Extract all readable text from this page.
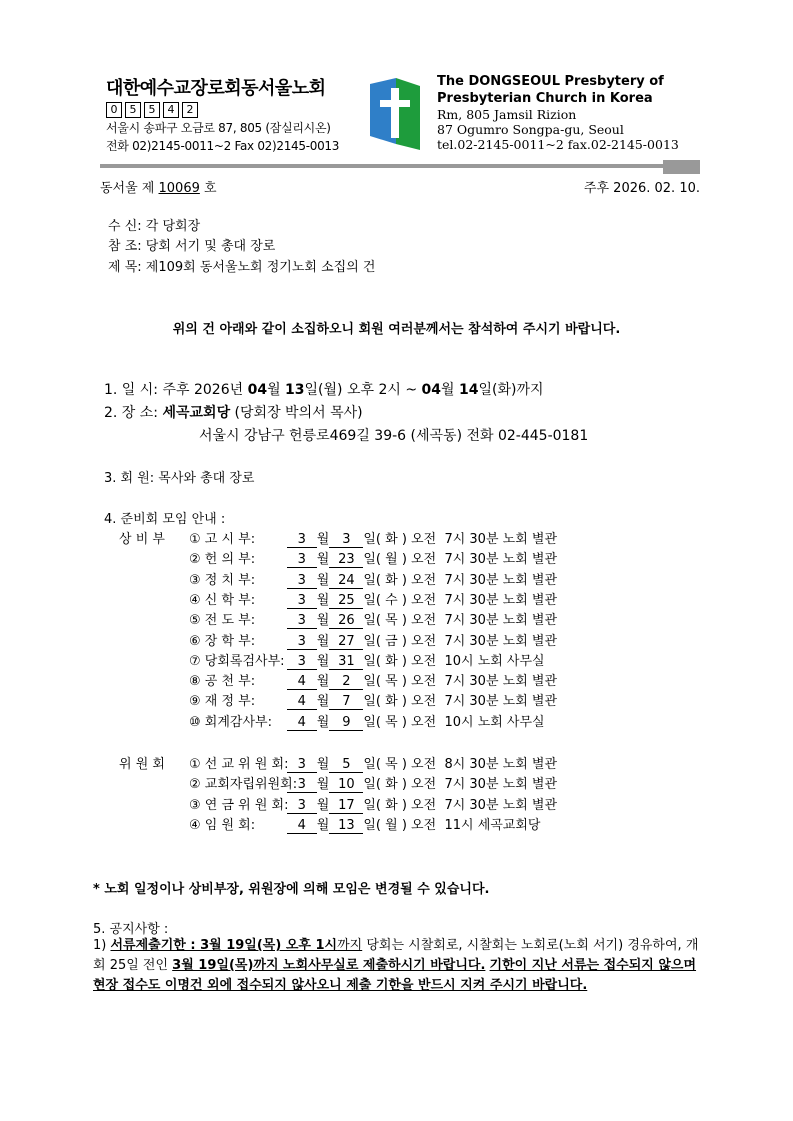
대한예수교장로회동서울노회
0	5	5	4	2
서울시 송파구 오금로 87, 805 (잠실리시온)
전화 02)2145-0011~2 Fax 02)2145-0013
The DONGSEOUL Presbytery of
Presbyterian Church in Korea
Rm, 805 Jamsil Rizion
87 Ogumro Songpa-gu, Seoul
tel.02-2145-0011~2 fax.02-2145-0013
동서울 제 10069 호	주후 2026. 02. 10.
수 신: 각 당회장
참 조: 당회 서기 및 총대 장로
제 목: 제109회 동서울노회 정기노회 소집의 건
위의 건 아래와 같이 소집하오니 회원 여러분께서는 참석하여 주시기 바랍니다.
1. 일 시: 주후 2026년 04월 13일(월) 오후 2시 ~ 04월 14일(화)까지
2. 장 소: 세곡교회당 (당회장 박의서 목사)
서울시 강남구 헌릉로469길 39-6 (세곡동) 전화 02-445-0181
3. 회 원: 목사와 총대 장로
4. 준비회 모임 안내 :
상 비 부
위 원 회
① 고 시 부:	3 월 3 일( 화 ) 오전 7시 30분 노회 별관
② 헌 의 부:	3 월 23 일( 월 ) 오전 7시 30분 노회 별관
③ 정 치 부:	3 월 24 일( 화 ) 오전 7시 30분 노회 별관
④ 신 학 부:	3 월 25 일( 수 ) 오전 7시 30분 노회 별관
⑤ 전 도 부:	3 월 26 일( 목 ) 오전 7시 30분 노회 별관
⑥ 장 학 부:	3 월 27 일( 금 ) 오전 7시 30분 노회 별관
⑦ 당회록검사부: 3 월 31 일( 화 ) 오전 10시 노회 사무실
⑧ 공 천 부:	4 월 2 일( 목 ) 오전 7시 30분 노회 별관
⑨ 재 정 부:	4 월 7 일( 화 ) 오전 7시 30분 노회 별관
⑩ 회계감사부: 4 월 9 일( 목 ) 오전 10시 노회 사무실
① 선 교 위 원 회: 3 월 5 일( 목 ) 오전 8시 30분 노회 별관
② 교회자립위원회:3 월 10 일( 화 ) 오전 7시 30분 노회 별관
③ 연 금 위 원 회: 3 월 17 일( 화 ) 오전 7시 30분 노회 별관
④ 임 원 회:	4 월 13 일( 월 ) 오전 11시 세곡교회당
* 노회 일정이나 상비부장, 위원장에 의해 모임은 변경될 수 있습니다.
5. 공지사항 :
1) 서류제출기한 : 3월 19일(목) 오후 1시까지 당회는 시찰회로, 시찰회는 노회로(노회 서기) 경유하여, 개회 25일 전인 3월 19일(목)까지 노회사무실로 제출하시기 바랍니다. 기한이 지난 서류는 접수되지 않으며 현장 접수도 이명건 외에 접수되지 않사오니 제출 기한을 반드시 지켜 주시기 바랍니다.
